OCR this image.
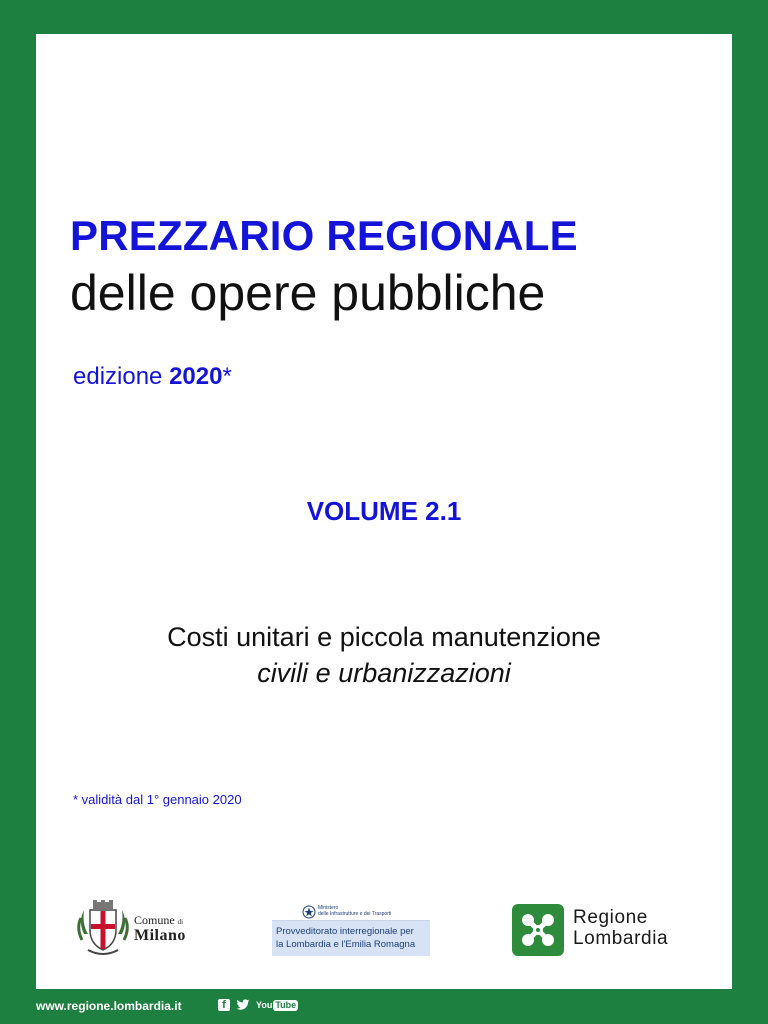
PREZZARIO REGIONALE
delle opere pubbliche
edizione 2020*
VOLUME 2.1
Costi unitari e piccola manutenzione
civili e urbanizzazioni
* validità dal 1° gennaio 2020
Comune di
Milano
Ministero
delle Infrastrutture e dei Trasporti
Provveditorato interregionale per
la Lombardia e l'Emilia Romagna
Regione
Lombardia
www.regione.lombardia.it	f	You Tube
